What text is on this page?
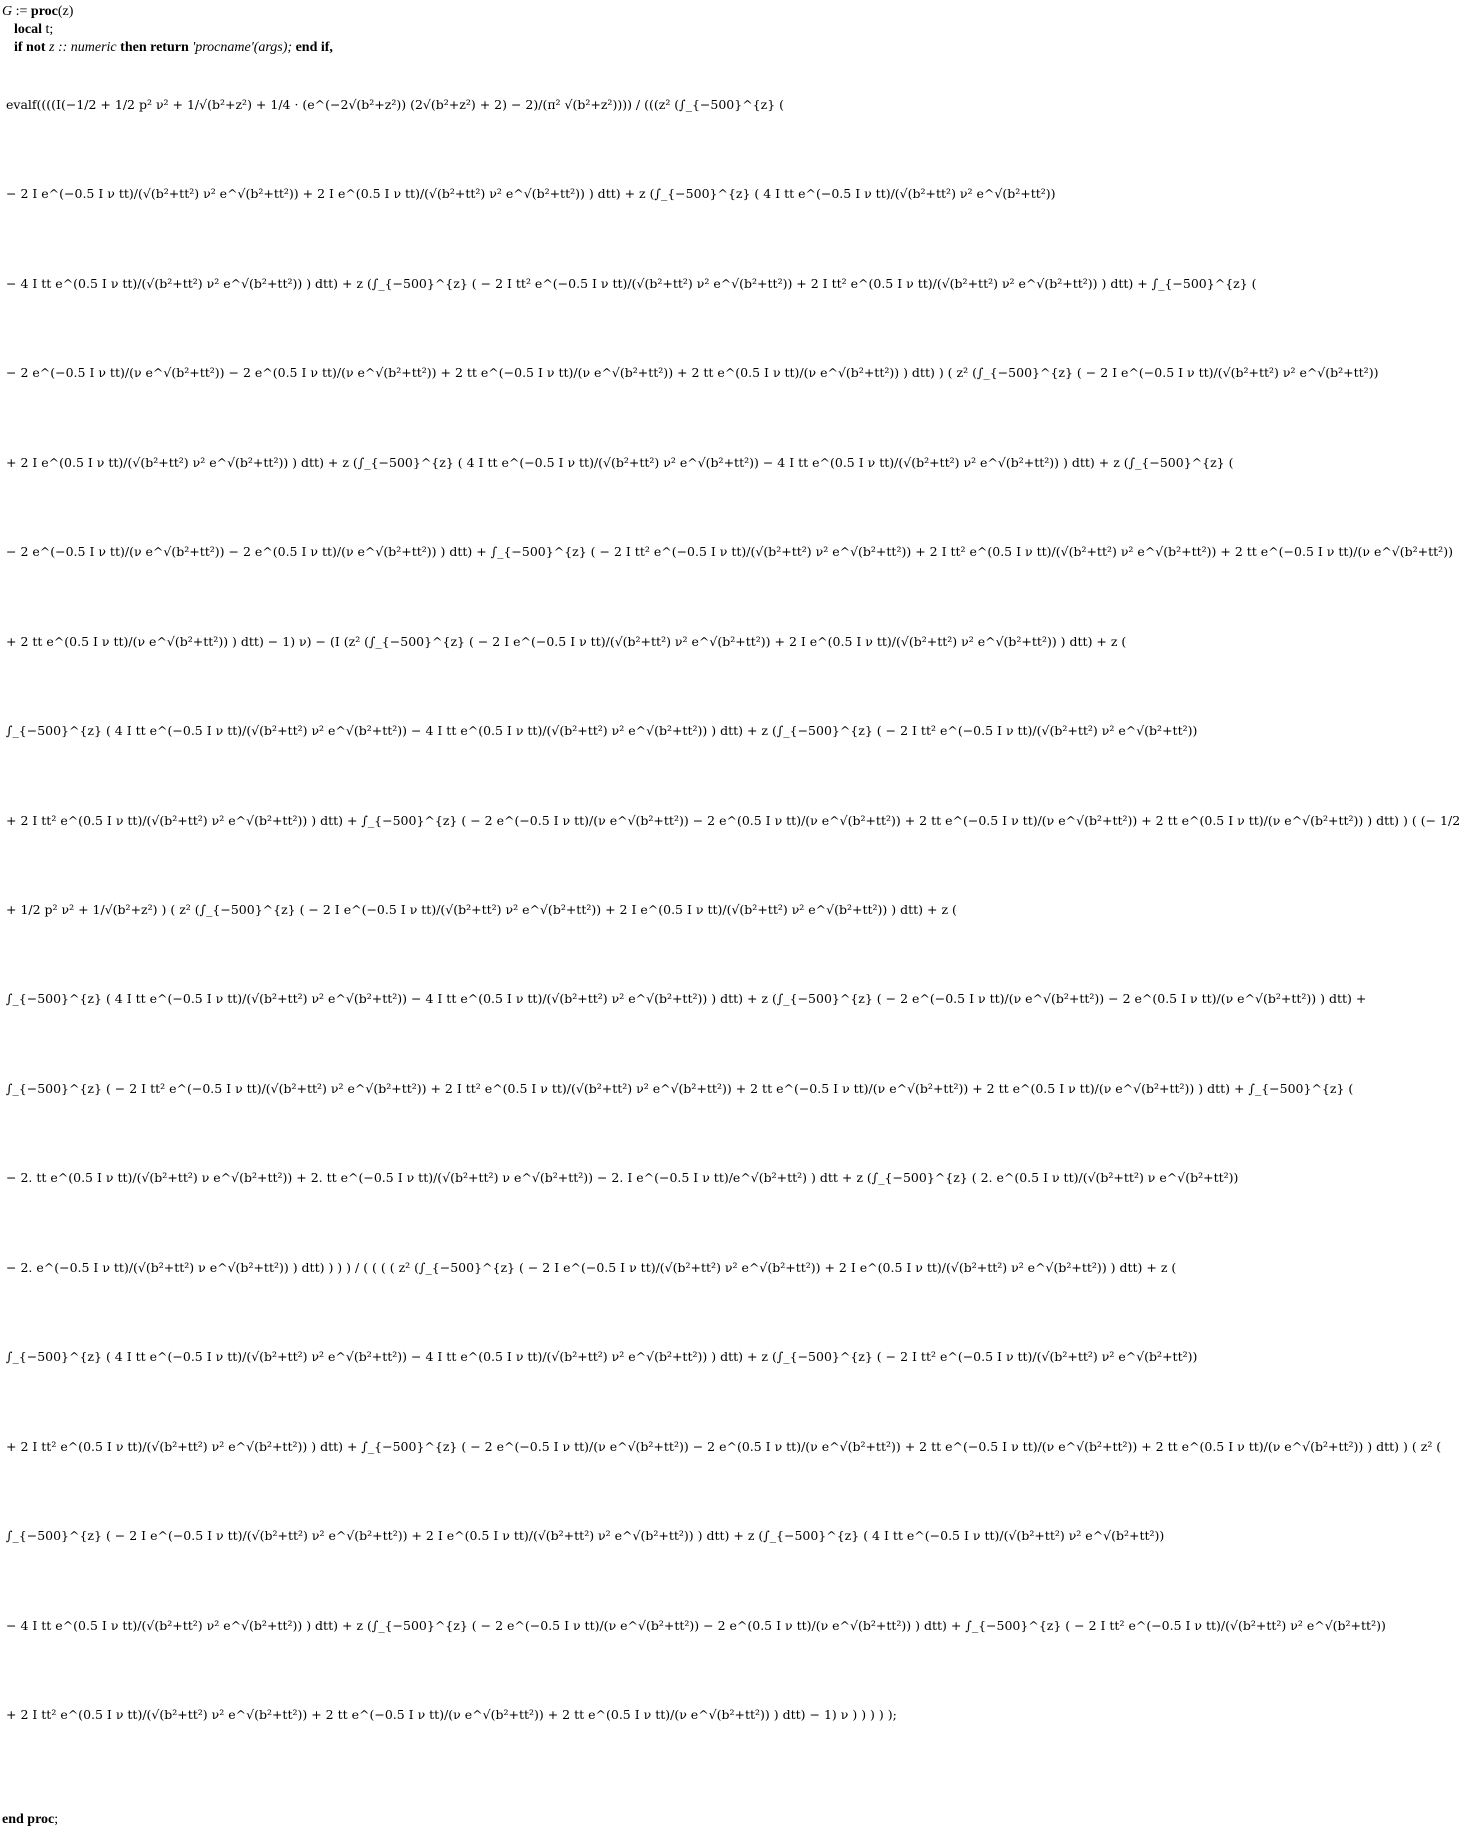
G := proc(z)
local t;
if not z :: numeric then return 'procname'(args); end if,
evalf((((I(−1/2 + 1/2 p² ν² + 1/√(b²+z²) + 1/4 · (e^(−2√(b²+z²)) (2√(b²+z²) + 2) − 2)/(π² √(b²+z²)))) / (((z² (∫_{−500}^{z} (
− 2 I e^(−0.5 I ν tt)/(√(b²+tt²) ν² e^√(b²+tt²)) + 2 I e^(0.5 I ν tt)/(√(b²+tt²) ν² e^√(b²+tt²)) ) dtt) + z (∫_{−500}^{z} ( 4 I tt e^(−0.5 I ν tt)/(√(b²+tt²) ν² e^√(b²+tt²))
− 4 I tt e^(0.5 I ν tt)/(√(b²+tt²) ν² e^√(b²+tt²)) ) dtt) + z (∫_{−500}^{z} ( − 2 I tt² e^(−0.5 I ν tt)/(√(b²+tt²) ν² e^√(b²+tt²)) + 2 I tt² e^(0.5 I ν tt)/(√(b²+tt²) ν² e^√(b²+tt²)) ) dtt) + ∫_{−500}^{z} (
− 2 e^(−0.5 I ν tt)/(ν e^√(b²+tt²)) − 2 e^(0.5 I ν tt)/(ν e^√(b²+tt²)) + 2 tt e^(−0.5 I ν tt)/(ν e^√(b²+tt²)) + 2 tt e^(0.5 I ν tt)/(ν e^√(b²+tt²)) ) dtt) ) ( z² (∫_{−500}^{z} ( − 2 I e^(−0.5 I ν tt)/(√(b²+tt²) ν² e^√(b²+tt²))
+ 2 I e^(0.5 I ν tt)/(√(b²+tt²) ν² e^√(b²+tt²)) ) dtt) + z (∫_{−500}^{z} ( 4 I tt e^(−0.5 I ν tt)/(√(b²+tt²) ν² e^√(b²+tt²)) − 4 I tt e^(0.5 I ν tt)/(√(b²+tt²) ν² e^√(b²+tt²)) ) dtt) + z (∫_{−500}^{z} (
− 2 e^(−0.5 I ν tt)/(ν e^√(b²+tt²)) − 2 e^(0.5 I ν tt)/(ν e^√(b²+tt²)) ) dtt) + ∫_{−500}^{z} ( − 2 I tt² e^(−0.5 I ν tt)/(√(b²+tt²) ν² e^√(b²+tt²)) + 2 I tt² e^(0.5 I ν tt)/(√(b²+tt²) ν² e^√(b²+tt²)) + 2 tt e^(−0.5 I ν tt)/(ν e^√(b²+tt²))
+ 2 tt e^(0.5 I ν tt)/(ν e^√(b²+tt²)) ) dtt) − 1) ν) − (I (z² (∫_{−500}^{z} ( − 2 I e^(−0.5 I ν tt)/(√(b²+tt²) ν² e^√(b²+tt²)) + 2 I e^(0.5 I ν tt)/(√(b²+tt²) ν² e^√(b²+tt²)) ) dtt) + z (
∫_{−500}^{z} ( 4 I tt e^(−0.5 I ν tt)/(√(b²+tt²) ν² e^√(b²+tt²)) − 4 I tt e^(0.5 I ν tt)/(√(b²+tt²) ν² e^√(b²+tt²)) ) dtt) + z (∫_{−500}^{z} ( − 2 I tt² e^(−0.5 I ν tt)/(√(b²+tt²) ν² e^√(b²+tt²))
+ 2 I tt² e^(0.5 I ν tt)/(√(b²+tt²) ν² e^√(b²+tt²)) ) dtt) + ∫_{−500}^{z} ( − 2 e^(−0.5 I ν tt)/(ν e^√(b²+tt²)) − 2 e^(0.5 I ν tt)/(ν e^√(b²+tt²)) + 2 tt e^(−0.5 I ν tt)/(ν e^√(b²+tt²)) + 2 tt e^(0.5 I ν tt)/(ν e^√(b²+tt²)) ) dtt) ) ( (− 1/2
+ 1/2 p² ν² + 1/√(b²+z²) ) ( z² (∫_{−500}^{z} ( − 2 I e^(−0.5 I ν tt)/(√(b²+tt²) ν² e^√(b²+tt²)) + 2 I e^(0.5 I ν tt)/(√(b²+tt²) ν² e^√(b²+tt²)) ) dtt) + z (
∫_{−500}^{z} ( 4 I tt e^(−0.5 I ν tt)/(√(b²+tt²) ν² e^√(b²+tt²)) − 4 I tt e^(0.5 I ν tt)/(√(b²+tt²) ν² e^√(b²+tt²)) ) dtt) + z (∫_{−500}^{z} ( − 2 e^(−0.5 I ν tt)/(ν e^√(b²+tt²)) − 2 e^(0.5 I ν tt)/(ν e^√(b²+tt²)) ) dtt) +
∫_{−500}^{z} ( − 2 I tt² e^(−0.5 I ν tt)/(√(b²+tt²) ν² e^√(b²+tt²)) + 2 I tt² e^(0.5 I ν tt)/(√(b²+tt²) ν² e^√(b²+tt²)) + 2 tt e^(−0.5 I ν tt)/(ν e^√(b²+tt²)) + 2 tt e^(0.5 I ν tt)/(ν e^√(b²+tt²)) ) dtt) + ∫_{−500}^{z} (
− 2. tt e^(0.5 I ν tt)/(√(b²+tt²) ν e^√(b²+tt²)) + 2. tt e^(−0.5 I ν tt)/(√(b²+tt²) ν e^√(b²+tt²)) − 2. I e^(−0.5 I ν tt)/e^√(b²+tt²) ) dtt + z (∫_{−500}^{z} ( 2. e^(0.5 I ν tt)/(√(b²+tt²) ν e^√(b²+tt²))
− 2. e^(−0.5 I ν tt)/(√(b²+tt²) ν e^√(b²+tt²)) ) dtt) ) ) ) / ( ( ( ( z² (∫_{−500}^{z} ( − 2 I e^(−0.5 I ν tt)/(√(b²+tt²) ν² e^√(b²+tt²)) + 2 I e^(0.5 I ν tt)/(√(b²+tt²) ν² e^√(b²+tt²)) ) dtt) + z (
∫_{−500}^{z} ( 4 I tt e^(−0.5 I ν tt)/(√(b²+tt²) ν² e^√(b²+tt²)) − 4 I tt e^(0.5 I ν tt)/(√(b²+tt²) ν² e^√(b²+tt²)) ) dtt) + z (∫_{−500}^{z} ( − 2 I tt² e^(−0.5 I ν tt)/(√(b²+tt²) ν² e^√(b²+tt²))
+ 2 I tt² e^(0.5 I ν tt)/(√(b²+tt²) ν² e^√(b²+tt²)) ) dtt) + ∫_{−500}^{z} ( − 2 e^(−0.5 I ν tt)/(ν e^√(b²+tt²)) − 2 e^(0.5 I ν tt)/(ν e^√(b²+tt²)) + 2 tt e^(−0.5 I ν tt)/(ν e^√(b²+tt²)) + 2 tt e^(0.5 I ν tt)/(ν e^√(b²+tt²)) ) dtt) ) ( z² (
∫_{−500}^{z} ( − 2 I e^(−0.5 I ν tt)/(√(b²+tt²) ν² e^√(b²+tt²)) + 2 I e^(0.5 I ν tt)/(√(b²+tt²) ν² e^√(b²+tt²)) ) dtt) + z (∫_{−500}^{z} ( 4 I tt e^(−0.5 I ν tt)/(√(b²+tt²) ν² e^√(b²+tt²))
− 4 I tt e^(0.5 I ν tt)/(√(b²+tt²) ν² e^√(b²+tt²)) ) dtt) + z (∫_{−500}^{z} ( − 2 e^(−0.5 I ν tt)/(ν e^√(b²+tt²)) − 2 e^(0.5 I ν tt)/(ν e^√(b²+tt²)) ) dtt) + ∫_{−500}^{z} ( − 2 I tt² e^(−0.5 I ν tt)/(√(b²+tt²) ν² e^√(b²+tt²))
+ 2 I tt² e^(0.5 I ν tt)/(√(b²+tt²) ν² e^√(b²+tt²)) + 2 tt e^(−0.5 I ν tt)/(ν e^√(b²+tt²)) + 2 tt e^(0.5 I ν tt)/(ν e^√(b²+tt²)) ) dtt) − 1) ν ) ) ) ) );
end proc;
